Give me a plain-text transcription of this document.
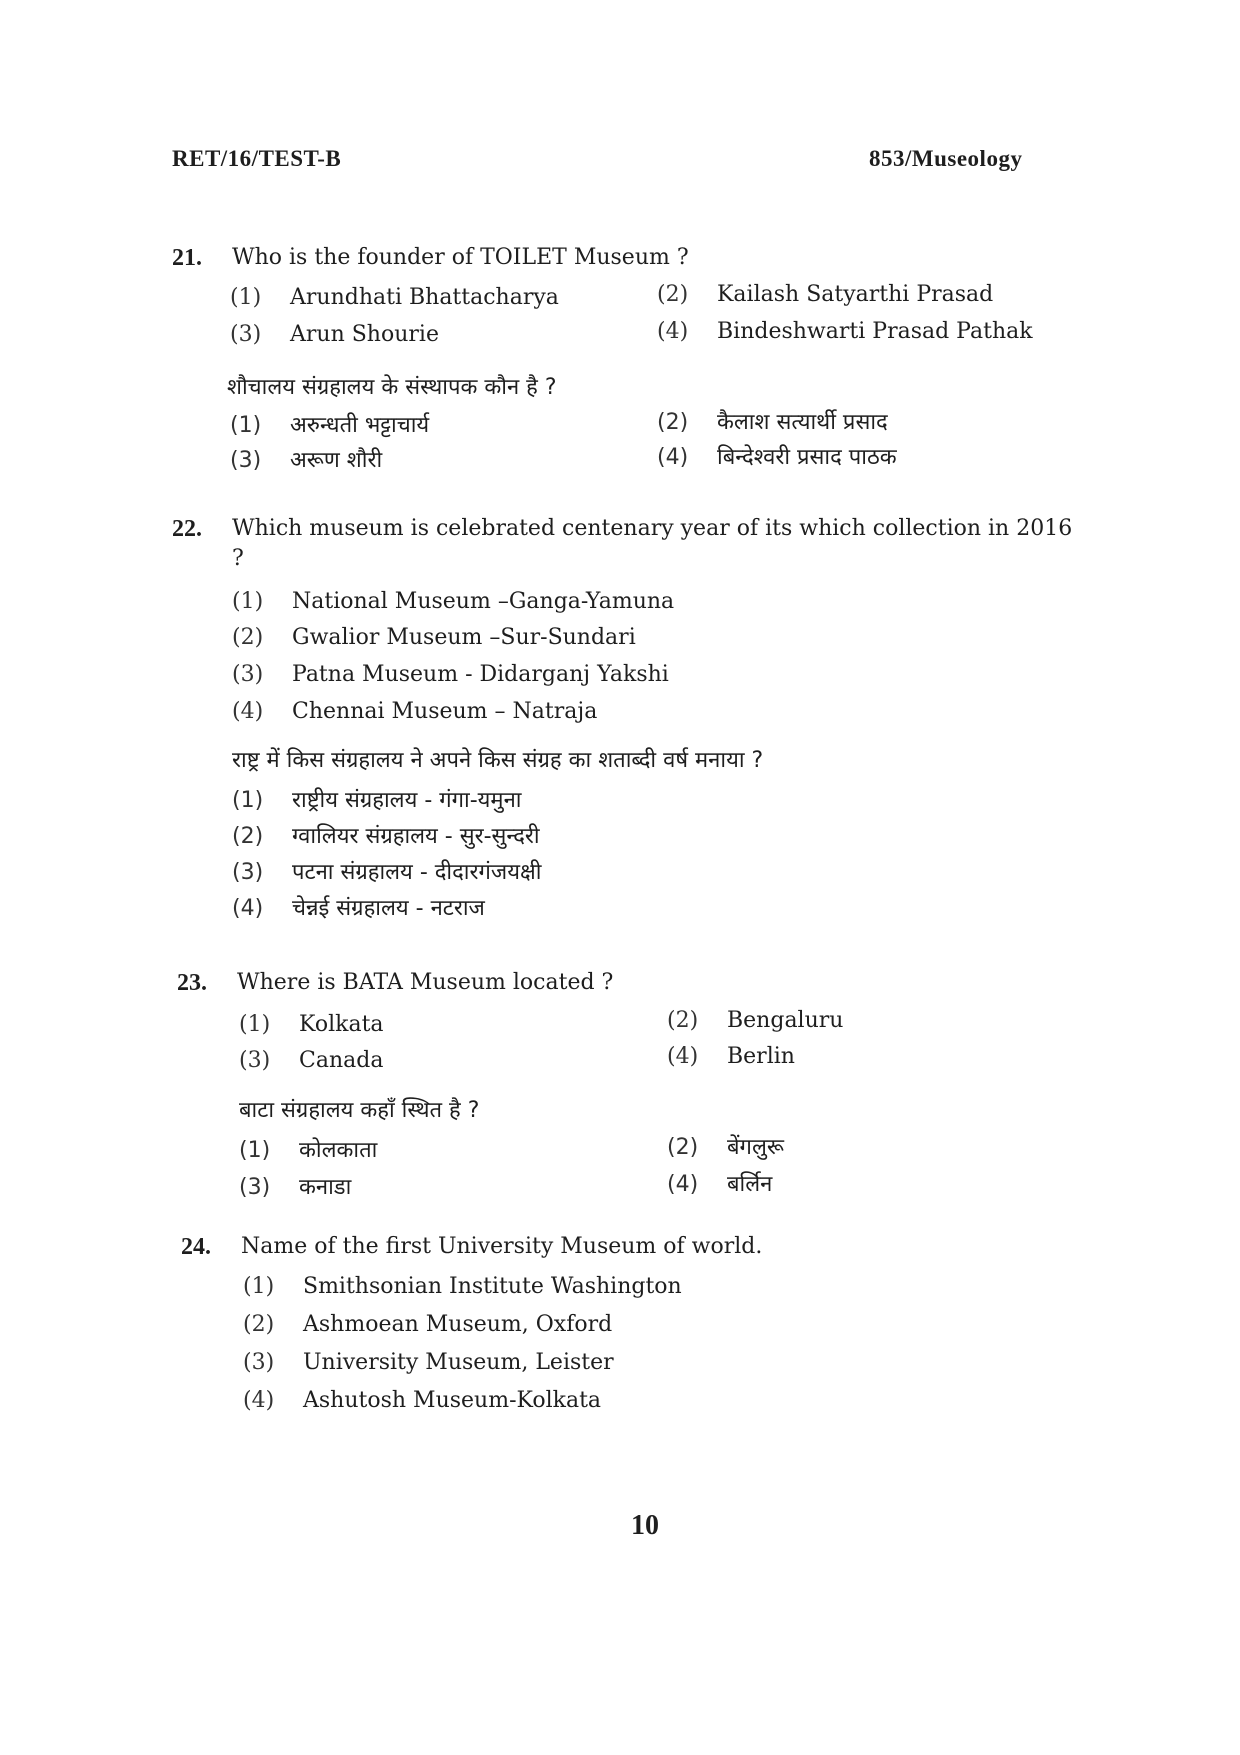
RET/16/TEST-B	853/Museology
21. Who is the founder of TOILET Museum ?
(1) Arundhati Bhattacharya	(2) Kailash Satyarthi Prasad
(3) Arun Shourie	(4) Bindeshwarti Prasad Pathak
शौचालय संग्रहालय के संस्थापक कौन है ?
(1) अरुन्धती भट्टाचार्य	(2) कैलाश सत्यार्थी प्रसाद
(3) अरूण शौरी	(4) बिन्देश्वरी प्रसाद पाठक
22. Which museum is celebrated centenary year of its which collection in 2016 ?
(1) National Museum –Ganga-Yamuna
(2) Gwalior Museum –Sur-Sundari
(3) Patna Museum - Didarganj Yakshi
(4) Chennai Museum – Natraja
राष्ट्र में किस संग्रहालय ने अपने किस संग्रह का शताब्दी वर्ष मनाया ?
(1) राष्ट्रीय संग्रहालय - गंगा-यमुना
(2) ग्वालियर संग्रहालय - सुर-सुन्दरी
(3) पटना संग्रहालय - दीदारगंजयक्षी
(4) चेन्नई संग्रहालय - नटराज
23. Where is BATA Museum located ?
(1) Kolkata	(2) Bengaluru
(3) Canada	(4) Berlin
बाटा संग्रहालय कहाँ स्थित है ?
(1) कोलकाता	(2) बेंगलुरू
(3) कनाडा	(4) बर्लिन
24. Name of the first University Museum of world.
(1) Smithsonian Institute Washington
(2) Ashmoean Museum, Oxford
(3) University Museum, Leister
(4) Ashutosh Museum-Kolkata
10
